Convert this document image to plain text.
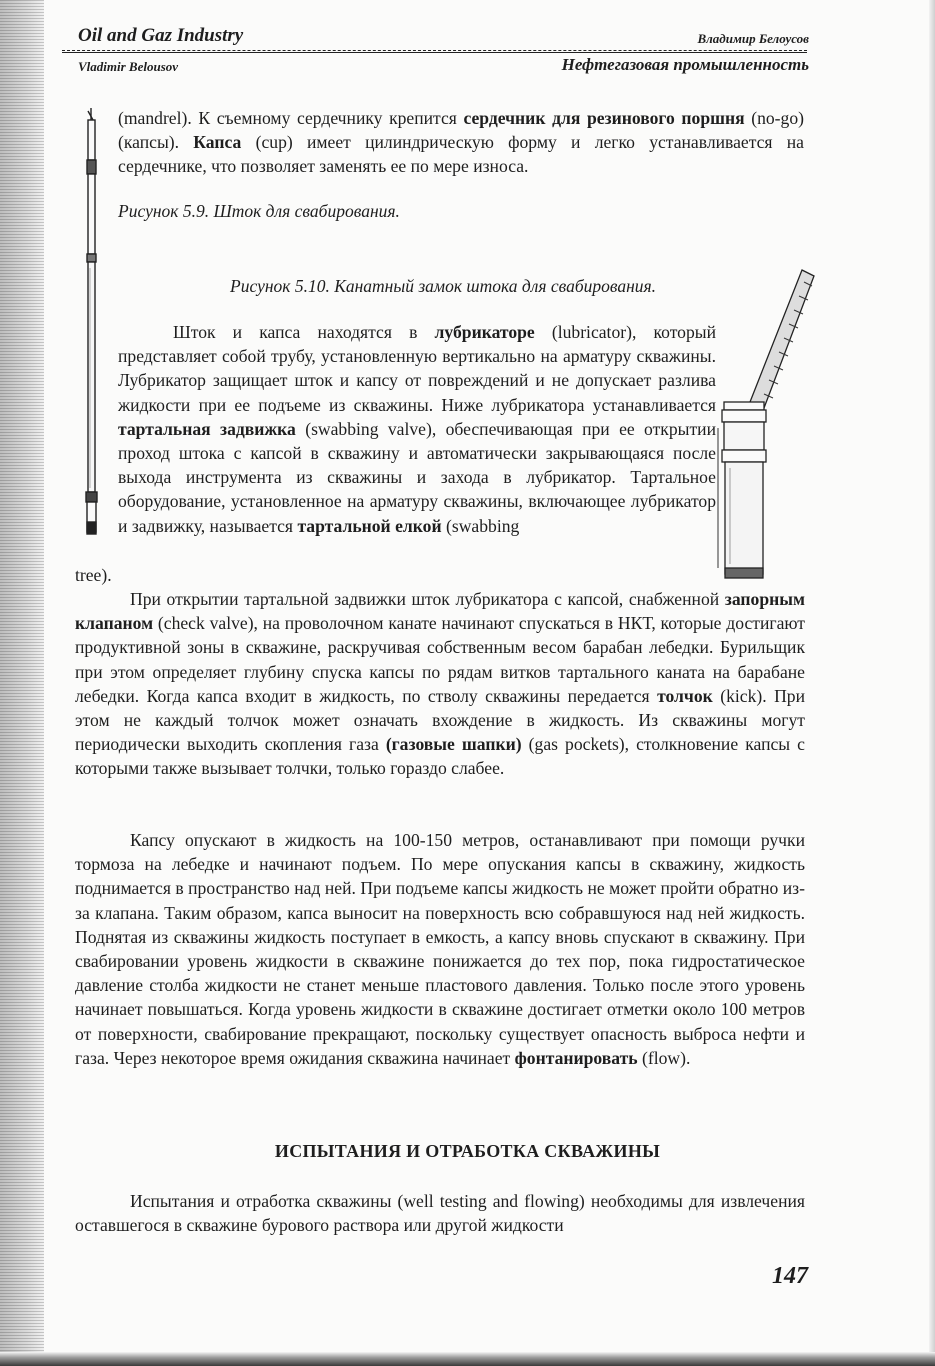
Oil and Gaz Industry	Владимир Белоусов
Vladimir Belousov	Нефтегазовая промышленность

(mandrel). К съемному сердечнику крепится сердечник для резинового поршня (no-go) (капсы). Капса (cup) имеет цилиндрическую форму и легко устанавливается на сердечнике, что позволяет заменять ее по мере износа.

Рисунок 5.9. Шток для свабирования.
Рисунок 5.10. Канатный замок штока для свабирования.

Шток и капса находятся в лубрикаторе (lubricator), который представляет собой трубу, установленную вертикально на арматуру скважины. Лубрикатор защищает шток и капсу от повреждений и не допускает разлива жидкости при ее подъеме из скважины. Ниже лубрикатора устанавливается тартальная задвижка (swabbing valve), обеспечивающая при ее открытии проход штока с капсой в скважину и автоматически закрывающаяся после выхода инструмента из скважины и захода в лубрикатор. Тартальное оборудование, установленное на арматуру скважины, включающее лубрикатор и задвижку, называется тартальной елкой (swabbing

tree).

При открытии тартальной задвижки шток лубрикатора с капсой, снабженной запорным клапаном (check valve), на проволочном канате начинают спускаться в НКТ, которые достигают продуктивной зоны в скважине, раскручивая собственным весом барабан лебедки. Бурильщик при этом определяет глубину спуска капсы по рядам витков тартального каната на барабане лебедки. Когда капса входит в жидкость, по стволу скважины передается толчок (kick). При этом не каждый толчок может означать вхождение в жидкость. Из скважины могут периодически выходить скопления газа (газовые шапки) (gas pockets), столкновение капсы с которыми также вызывает толчки, только гораздо слабее.

Капсу опускают в жидкость на 100-150 метров, останавливают при помощи ручки тормоза на лебедке и начинают подъем. По мере опускания капсы в скважину, жидкость поднимается в пространство над ней. При подъеме капсы жидкость не может пройти обратно из-за клапана. Таким образом, капса выносит на поверхность всю собравшуюся над ней жидкость. Поднятая из скважины жидкость поступает в емкость, а капсу вновь спускают в скважину. При свабировании уровень жидкости в скважине понижается до тех пор, пока гидростатическое давление столба жидкости не станет меньше пластового давления. Только после этого уровень начинает повышаться. Когда уровень жидкости в скважине достигает отметки около 100 метров от поверхности, свабирование прекращают, поскольку существует опасность выброса нефти и газа. Через некоторое время ожидания скважина начинает фонтанировать (flow).

ИСПЫТАНИЯ И ОТРАБОТКА СКВАЖИНЫ

Испытания и отработка скважины (well testing and flowing) необходимы для извлечения оставшегося в скважине бурового раствора или другой жидкости

147
